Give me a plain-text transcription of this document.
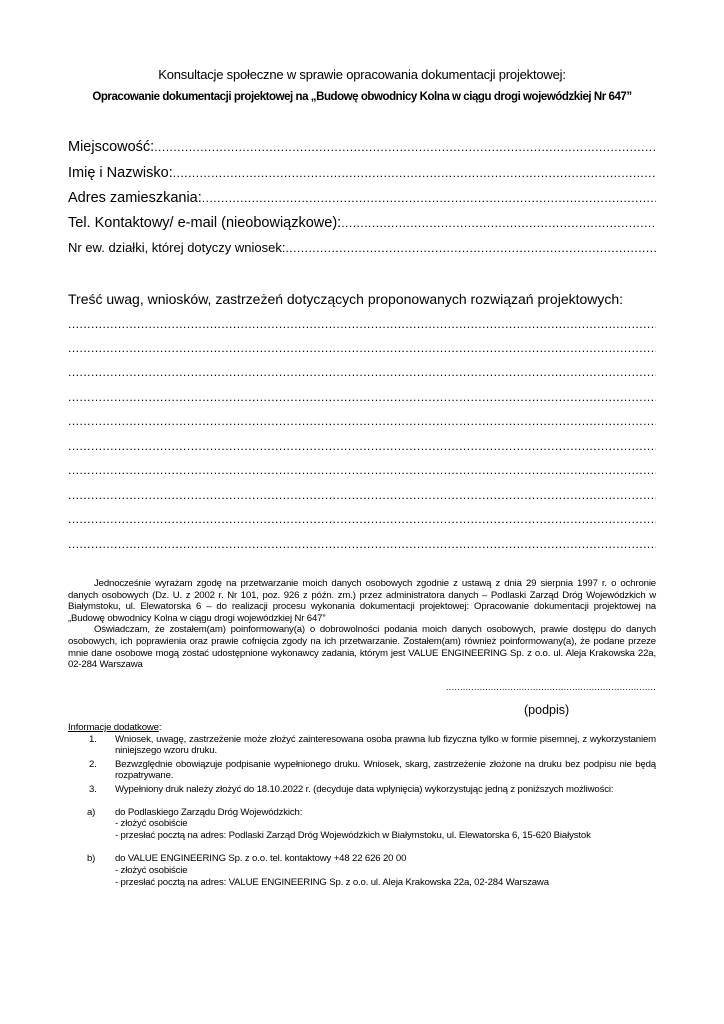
Konsultacje społeczne w sprawie opracowania dokumentacji projektowej:
Opracowanie dokumentacji projektowej na „Budowę obwodnicy Kolna w ciągu drogi wojewódzkiej Nr 647”
Miejscowość:
.....
Imię i Nazwisko:
.....
Adres zamieszkania:
.....
Tel. Kontaktowy/ e-mail (nieobowiązkowe):
.....
Nr ew. działki, której dotyczy wniosek:
.....
Treść uwag, wniosków, zastrzeżeń dotyczących proponowanych rozwiązań projektowych:
.....
.....
.....
.....
.....
.....
.....
.....
.....
.....

Jednocześnie wyrażam zgodę na przetwarzanie moich danych osobowych zgodnie z ustawą z dnia 29 sierpnia 1997 r. o ochronie danych osobowych (Dz. U. z 2002 r. Nr 101, poz. 926 z późn. zm.) przez administratora danych – Podlaski Zarząd Dróg Wojewódzkich w Białymstoku, ul. Elewatorska 6 – do realizacji procesu wykonania dokumentacji projektowej: Opracowanie dokumentacji projektowej na „Budowę obwodnicy Kolna w ciągu drogi wojewódzkiej Nr 647”

Oświadczam, że zostałem(am) poinformowany(a) o dobrowolności podania moich danych osobowych, prawie dostępu do danych osobowych, ich poprawienia oraz prawie cofnięcia zgody na ich przetwarzanie. Zostałem(am) również poinformowany(a), że podane przeze mnie dane osobowe mogą zostać udostępnione wykonawcy zadania, którym jest VALUE ENGINEERING Sp. z o.o. ul. Aleja Krakowska 22a, 02-284 Warszawa

.....
(podpis)
Informacje dodatkowe:
1. Wniosek, uwagę, zastrzeżenie może złożyć zainteresowana osoba prawna lub fizyczna tylko w formie pisemnej, z wykorzystaniem niniejszego wzoru druku.
2. Bezwzględnie obowiązuje podpisanie wypełnionego druku. Wniosek, skarg, zastrzeżenie złożone na druku bez podpisu nie będą rozpatrywane.
3. Wypełniony druk należy złożyć do 18.10.2022 r. (decyduje data wpłynięcia) wykorzystując jedną z poniższych możliwości:
a) do Podlaskiego Zarządu Dróg Wojewódzkich:
- złożyć osobiście
- przesłać pocztą na adres: Podlaski Zarząd Dróg Wojewódzkich w Białymstoku, ul. Elewatorska 6, 15-620 Białystok
b) do VALUE ENGINEERING Sp. z o.o. tel. kontaktowy +48 22 626 20 00
- złożyć osobiście
- przesłać pocztą na adres: VALUE ENGINEERING Sp. z o.o. ul. Aleja Krakowska 22a, 02-284 Warszawa
